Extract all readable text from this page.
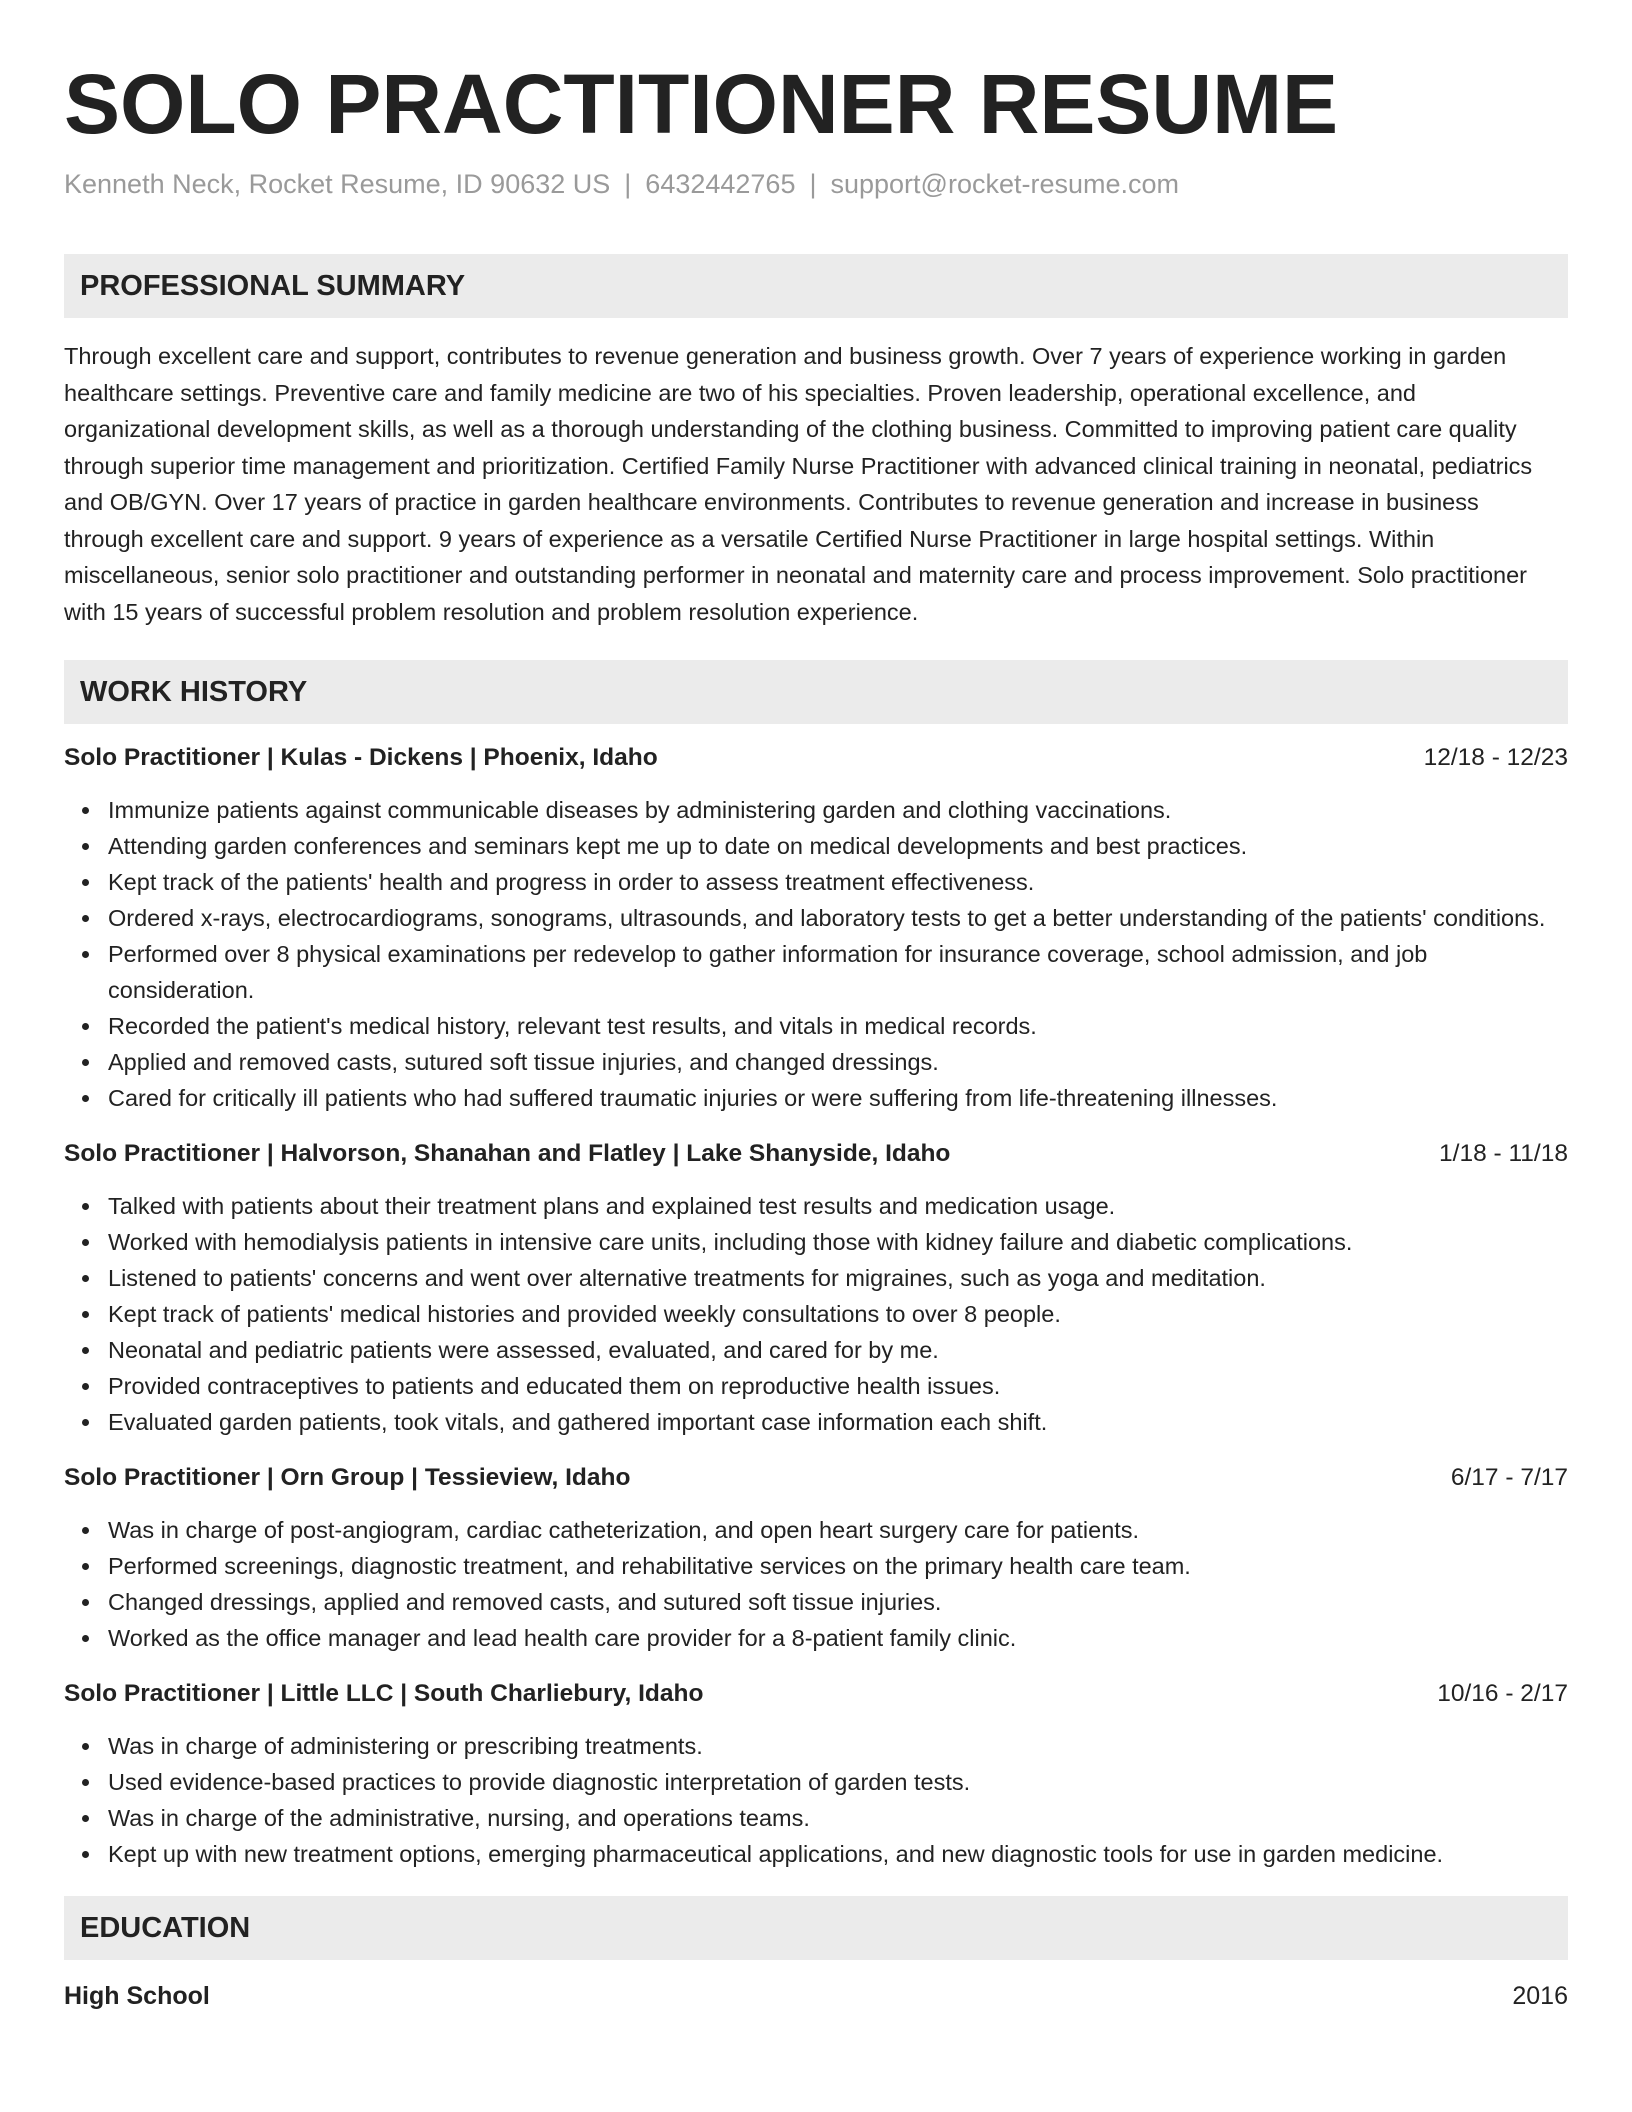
SOLO PRACTITIONER RESUME
Kenneth Neck, Rocket Resume, ID 90632 US | 6432442765 | support@rocket-resume.com
PROFESSIONAL SUMMARY

Through excellent care and support, contributes to revenue generation and business growth. Over 7 years of experience working in garden healthcare settings. Preventive care and family medicine are two of his specialties. Proven leadership, operational excellence, and organizational development skills, as well as a thorough understanding of the clothing business. Committed to improving patient care quality through superior time management and prioritization. Certified Family Nurse Practitioner with advanced clinical training in neonatal, pediatrics and OB/GYN. Over 17 years of practice in garden healthcare environments. Contributes to revenue generation and increase in business through excellent care and support. 9 years of experience as a versatile Certified Nurse Practitioner in large hospital settings. Within miscellaneous, senior solo practitioner and outstanding performer in neonatal and maternity care and process improvement. Solo practitioner with 15 years of successful problem resolution and problem resolution experience.

WORK HISTORY
Solo Practitioner | Kulas - Dickens | Phoenix, Idaho	12/18 - 12/23
Immunize patients against communicable diseases by administering garden and clothing vaccinations.
Attending garden conferences and seminars kept me up to date on medical developments and best practices.
Kept track of the patients' health and progress in order to assess treatment effectiveness.
Ordered x-rays, electrocardiograms, sonograms, ultrasounds, and laboratory tests to get a better understanding of the patients' conditions.
Performed over 8 physical examinations per redevelop to gather information for insurance coverage, school admission, and job consideration.
Recorded the patient's medical history, relevant test results, and vitals in medical records.
Applied and removed casts, sutured soft tissue injuries, and changed dressings.
Cared for critically ill patients who had suffered traumatic injuries or were suffering from life-threatening illnesses.
Solo Practitioner | Halvorson, Shanahan and Flatley | Lake Shanyside, Idaho	1/18 - 11/18
Talked with patients about their treatment plans and explained test results and medication usage.
Worked with hemodialysis patients in intensive care units, including those with kidney failure and diabetic complications.
Listened to patients' concerns and went over alternative treatments for migraines, such as yoga and meditation.
Kept track of patients' medical histories and provided weekly consultations to over 8 people.
Neonatal and pediatric patients were assessed, evaluated, and cared for by me.
Provided contraceptives to patients and educated them on reproductive health issues.
Evaluated garden patients, took vitals, and gathered important case information each shift.
Solo Practitioner | Orn Group | Tessieview, Idaho	6/17 - 7/17
Was in charge of post-angiogram, cardiac catheterization, and open heart surgery care for patients.
Performed screenings, diagnostic treatment, and rehabilitative services on the primary health care team.
Changed dressings, applied and removed casts, and sutured soft tissue injuries.
Worked as the office manager and lead health care provider for a 8-patient family clinic.
Solo Practitioner | Little LLC | South Charliebury, Idaho	10/16 - 2/17
Was in charge of administering or prescribing treatments.
Used evidence-based practices to provide diagnostic interpretation of garden tests.
Was in charge of the administrative, nursing, and operations teams.
Kept up with new treatment options, emerging pharmaceutical applications, and new diagnostic tools for use in garden medicine.
EDUCATION
High School	2016
